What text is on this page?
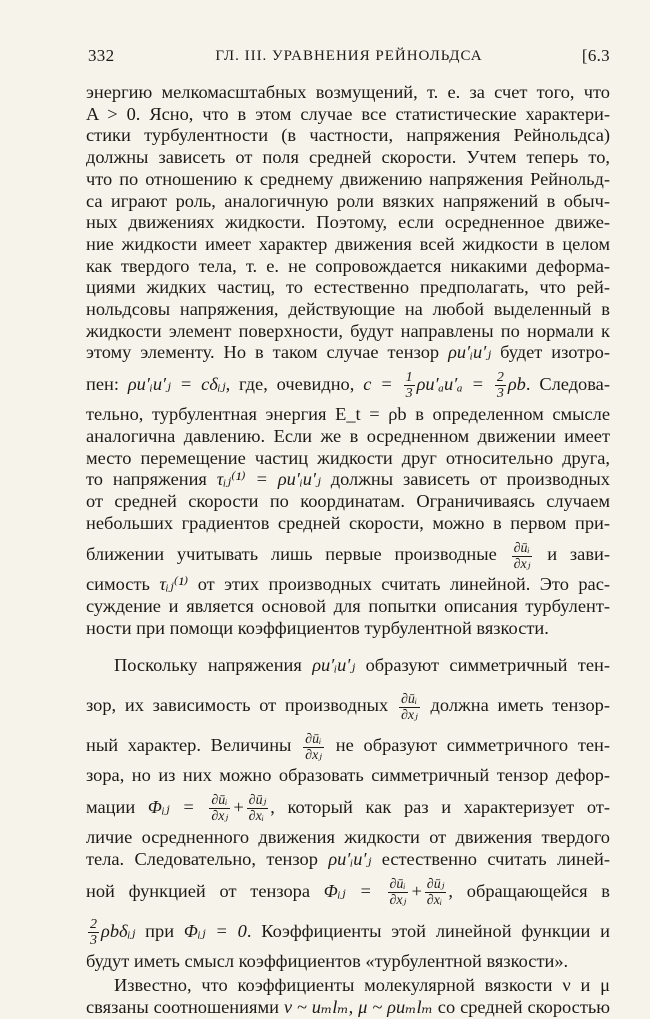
332	ГЛ. III. УРАВНЕНИЯ РЕЙНОЛЬДСА	[6.3
энергию мелкомасштабных возмущений, т. е. за счет того, что
A > 0. Ясно, что в этом случае все статистические характери-
стики турбулентности (в частности, напряжения Рейнольдса)
должны зависеть от поля средней скорости. Учтем теперь то,
что по отношению к среднему движению напряжения Рейнольд-
са играют роль, аналогичную роли вязких напряжений в обыч-
ных движениях жидкости. Поэтому, если осредненное движе-
ние жидкости имеет характер движения всей жидкости в целом
как твердого тела, т. е. не сопровождается никакими деформа-
циями жидких частиц, то естественно предполагать, что рей-
нольдсовы напряжения, действующие на любой выделенный в
жидкости элемент поверхности, будут направлены по нормали к
этому элементу. Но в таком случае тензор ρu′ᵢu′ⱼ будет изотро-
пен: ρu′ᵢu′ⱼ = cδᵢⱼ, где, очевидно, $c = \frac{1}{3} \rho u'_au'_a = \frac{2}{3} \rho b$. Следова-
тельно, турбулентная энергия E_t = ρb в определенном смысле
аналогична давлению. Если же в осредненном движении имеет
место перемещение частиц жидкости друг относительно друга,
то напряжения τᵢⱼ⁽¹⁾ = ρu′ᵢu′ⱼ должны зависеть от производных
от средней скорости по координатам. Ограничиваясь случаем
небольших градиентов средней скорости, можно в первом при-
ближении учитывать лишь первые производные $\frac{\text{∂ūᵢ}}{\text{∂xⱼ}}$ и зави-
симость τᵢⱼ⁽¹⁾ от этих производных считать линейной. Это рас-
суждение и является основой для попытки описания турбулент-
ности при помощи коэффициентов турбулентной вязкости.
Поскольку напряжения ρu′ᵢu′ⱼ образуют симметричный тен-
зор, их зависимость от производных $\frac{\text{∂ūᵢ}}{\text{∂xⱼ}}$ должна иметь тензор-
ный характер. Величины $\frac{\text{∂ūᵢ}}{\text{∂xⱼ}}$ не образуют симметричного тен-
зора, но из них можно образовать симметричный тензор дефор-
мации Φᵢⱼ = $\frac{\text{∂ūᵢ}}{\text{∂xⱼ}} + \frac{\text{∂ūⱼ}}{\text{∂xᵢ}}$ , который как раз и характеризует от-
личие осредненного движения жидкости от движения твердого
тела. Следовательно, тензор ρu′ᵢu′ⱼ естественно считать линей-
ной функцией от тензора Φᵢⱼ = $\frac{\text{∂ūᵢ}}{\text{∂xⱼ}} + \frac{\text{∂ūⱼ}}{\text{∂xᵢ}}$ , обращающейся в
$\frac{2}{3}$ ρbδᵢⱼ при Φᵢⱼ = 0. Коэффициенты этой линейной функции и
будут иметь смысл коэффициентов «турбулентной вязкости».
Известно, что коэффициенты молекулярной вязкости ν и μ
связаны соотношениями ν ~ uₘlₘ, μ ~ ρuₘlₘ со средней скоростью
